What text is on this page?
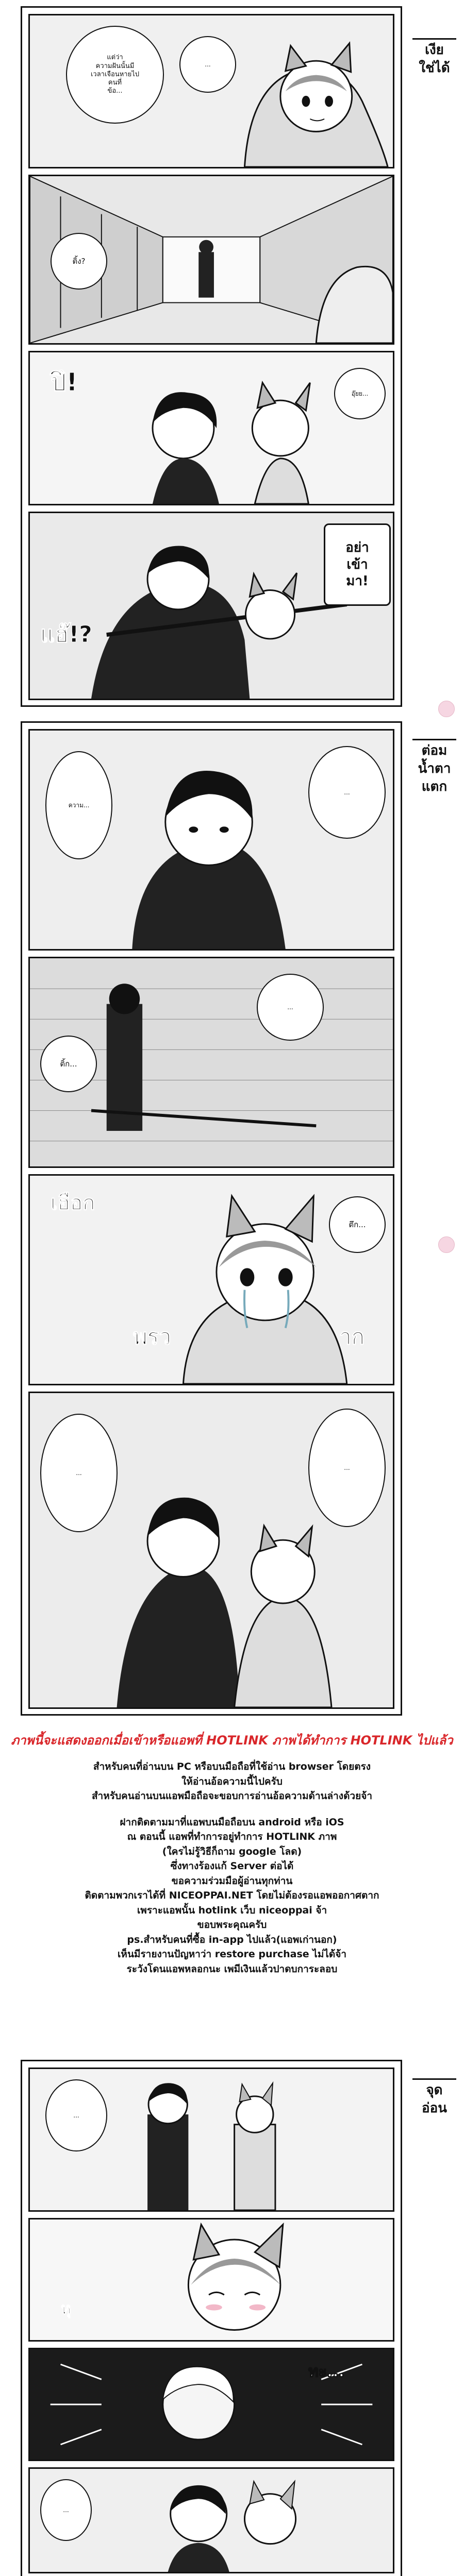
แต่ว่า
ความฝันนั้นมี
เวลาเจือนหายไป
คนที่
ข้อ...
...
ติ้ง?
ปึ!	อุ๊ยย...
อย่า
เข้า
มา!
แฮ๊!?
เงีย
ใช่ได้
ความ...
...
ติ้ก...
...
เฮือก
พรว	าก
ตึก...
...
...
ต่อม
น้ำตา
แตก
ภาพนี้จะแสดงออกเมื่อเข้าหรือแอพที่ HOTLINK ภาพได้ทำการ HOTLINK ไปแล้ว
สำหรับคนที่อ่านบน PC หรือบนมือถือที่ใช้อ่าน browser โดยตรง
ให้อ่านอ้อความนี้ไปครับ
สำหรับคนอ่านบนแอพมือถือจะขอบการอ่านอ้อความด้านล่างด้วยจ้า
ฝากติดตามมาที่แอพบนมือถือบน android หรือ iOS
ณ ตอนนี้ แอพที่ทำการอยู่ทำการ HOTLINK ภาพ
(ใครไม่รู้วิธีก็ถาม google โลด)
ซึ่งทางร้องแก้ Server ต่อได้
ขอความร่วมมือผู้อ่านทุกท่าน
ติดตามพวกเราได้ที่ NICEOPPAI.NET โดยไม่ต้องรอแอพออกาศตาก
เพราะแอพนั้น hotlink เว็บ niceoppai จ้า
ขอบพระคุณครับ
ps.สำหรับคนที่ซื้อ in-app ไปแล้ว(แอพเก่านอก)
เห็นมีรายงานปัญหาว่า restore purchase ไม่ได้จ้า
ระวังโดนแอพหลอกนะ เพมีเงินแล้วปาดบการะลอบ
...
หุ
ทะ...
...
จุด
อ่อน
